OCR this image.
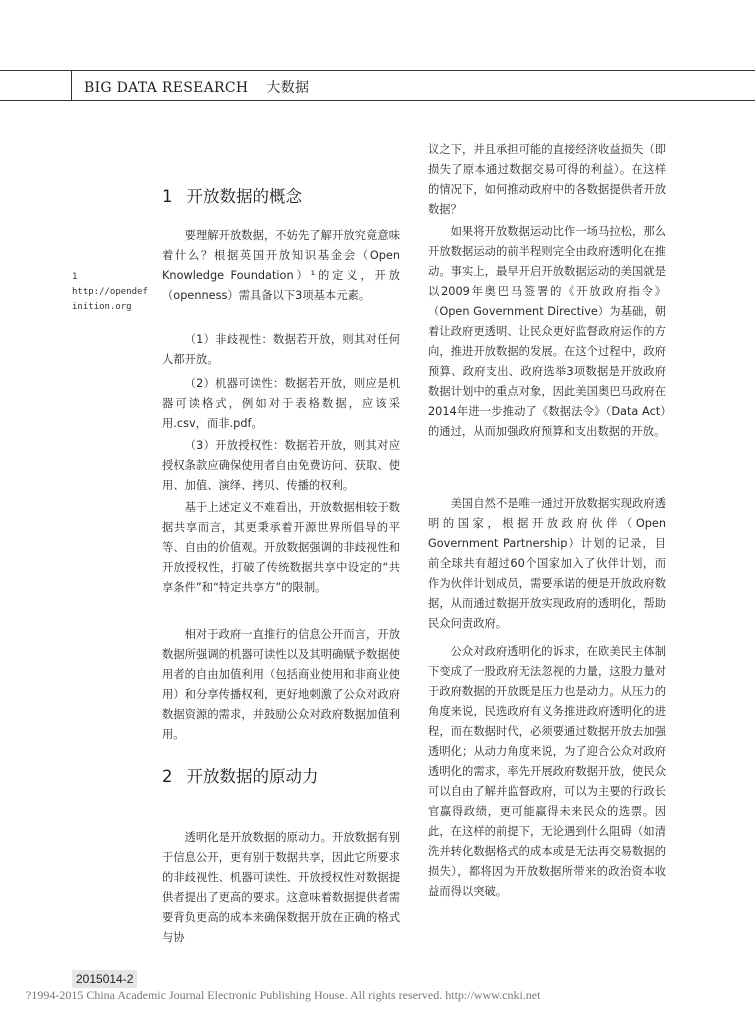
BIG DATA RESEARCH 大数据
1
http://opendefinition.org
1 开放数据的概念

要理解开放数据，不妨先了解开放究竟意味着什么？根据英国开放知识基金会（Open Knowledge Foundation）¹的定义，开放（openness）需具备以下3项基本元素。

（1）非歧视性：数据若开放，则其对任何人都开放。

（2）机器可读性：数据若开放，则应是机器可读格式，例如对于表格数据，应该采用.csv，而非.pdf。

（3）开放授权性：数据若开放，则其对应授权条款应确保使用者自由免费访问、获取、使用、加值、演绎、拷贝、传播的权利。

基于上述定义不难看出，开放数据相较于数据共享而言，其更秉承着开源世界所倡导的平等、自由的价值观。开放数据强调的非歧视性和开放授权性，打破了传统数据共享中设定的“共享条件”和“特定共享方”的限制。

相对于政府一直推行的信息公开而言，开放数据所强调的机器可读性以及其明确赋予数据使用者的自由加值利用（包括商业使用和非商业使用）和分享传播权利，更好地刺激了公众对政府数据资源的需求，并鼓励公众对政府数据加值利用。

2 开放数据的原动力

透明化是开放数据的原动力。开放数据有别于信息公开，更有别于数据共享，因此它所要求的非歧视性、机器可读性、开放授权性对数据提供者提出了更高的要求。这意味着数据提供者需要背负更高的成本来确保数据开放在正确的格式与协

议之下，并且承担可能的直接经济收益损失（即损失了原本通过数据交易可得的利益）。在这样的情况下，如何推动政府中的各数据提供者开放数据？

如果将开放数据运动比作一场马拉松，那么开放数据运动的前半程则完全由政府透明化在推动。事实上，最早开启开放数据运动的美国就是以2009年奥巴马签署的《开放政府指令》（Open Government Directive）为基础，朝着让政府更透明、让民众更好监督政府运作的方向，推进开放数据的发展。在这个过程中，政府预算、政府支出、政府选举3项数据是开放政府数据计划中的重点对象，因此美国奥巴马政府在2014年进一步推动了《数据法令》（Data Act）的通过，从而加强政府预算和支出数据的开放。

美国自然不是唯一通过开放数据实现政府透明的国家，根据开放政府伙伴（Open Government Partnership）计划的记录，目前全球共有超过60个国家加入了伙伴计划，而作为伙伴计划成员，需要承诺的便是开放政府数据，从而通过数据开放实现政府的透明化，帮助民众问责政府。

公众对政府透明化的诉求，在欧美民主体制下变成了一股政府无法忽视的力量，这股力量对于政府数据的开放既是压力也是动力。从压力的角度来说，民选政府有义务推进政府透明化的进程，而在数据时代，必须要通过数据开放去加强透明化；从动力角度来说，为了迎合公众对政府透明化的需求，率先开展政府数据开放，使民众可以自由了解并监督政府，可以为主要的行政长官赢得政绩，更可能赢得未来民众的选票。因此，在这样的前提下，无论遇到什么阻碍（如清洗并转化数据格式的成本或是无法再交易数据的损失），都将因为开放数据所带来的政治资本收益而得以突破。

2015014-2
?1994-2015 China Academic Journal Electronic Publishing House. All rights reserved. http://www.cnki.net
